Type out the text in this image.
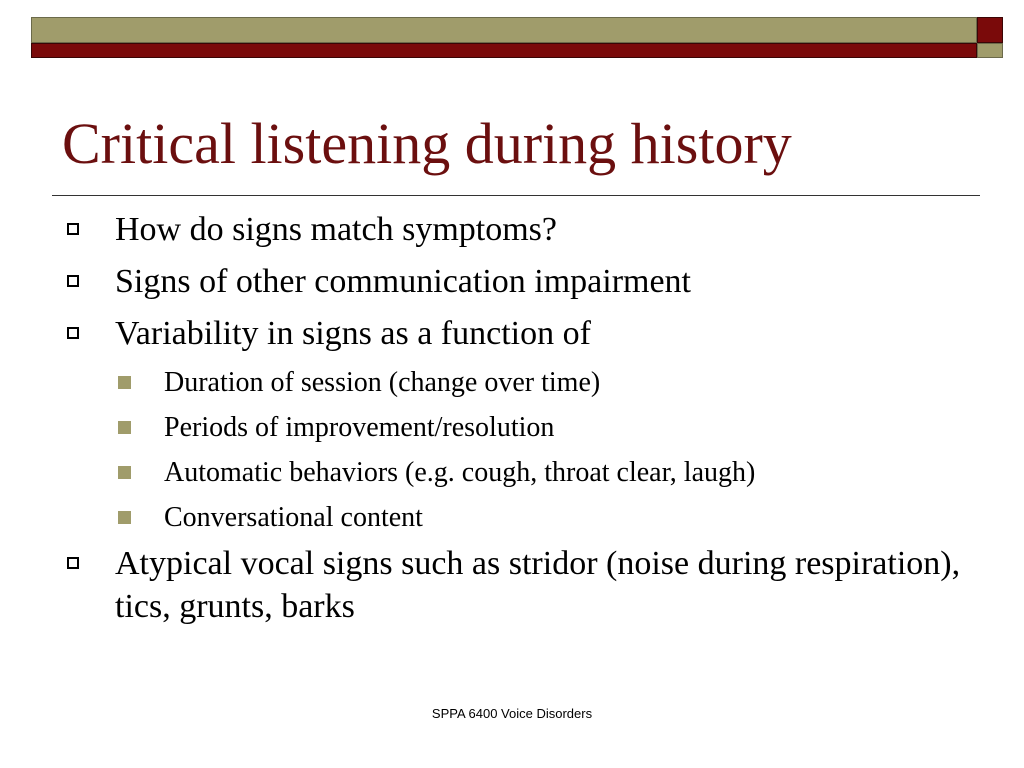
Critical listening during history
How do signs match symptoms?
Signs of other communication impairment
Variability in signs as a function of
Duration of session (change over time)
Periods of improvement/resolution
Automatic behaviors (e.g. cough, throat clear, laugh)
Conversational content
Atypical vocal signs such as stridor (noise during respiration), tics, grunts, barks
SPPA 6400 Voice Disorders
